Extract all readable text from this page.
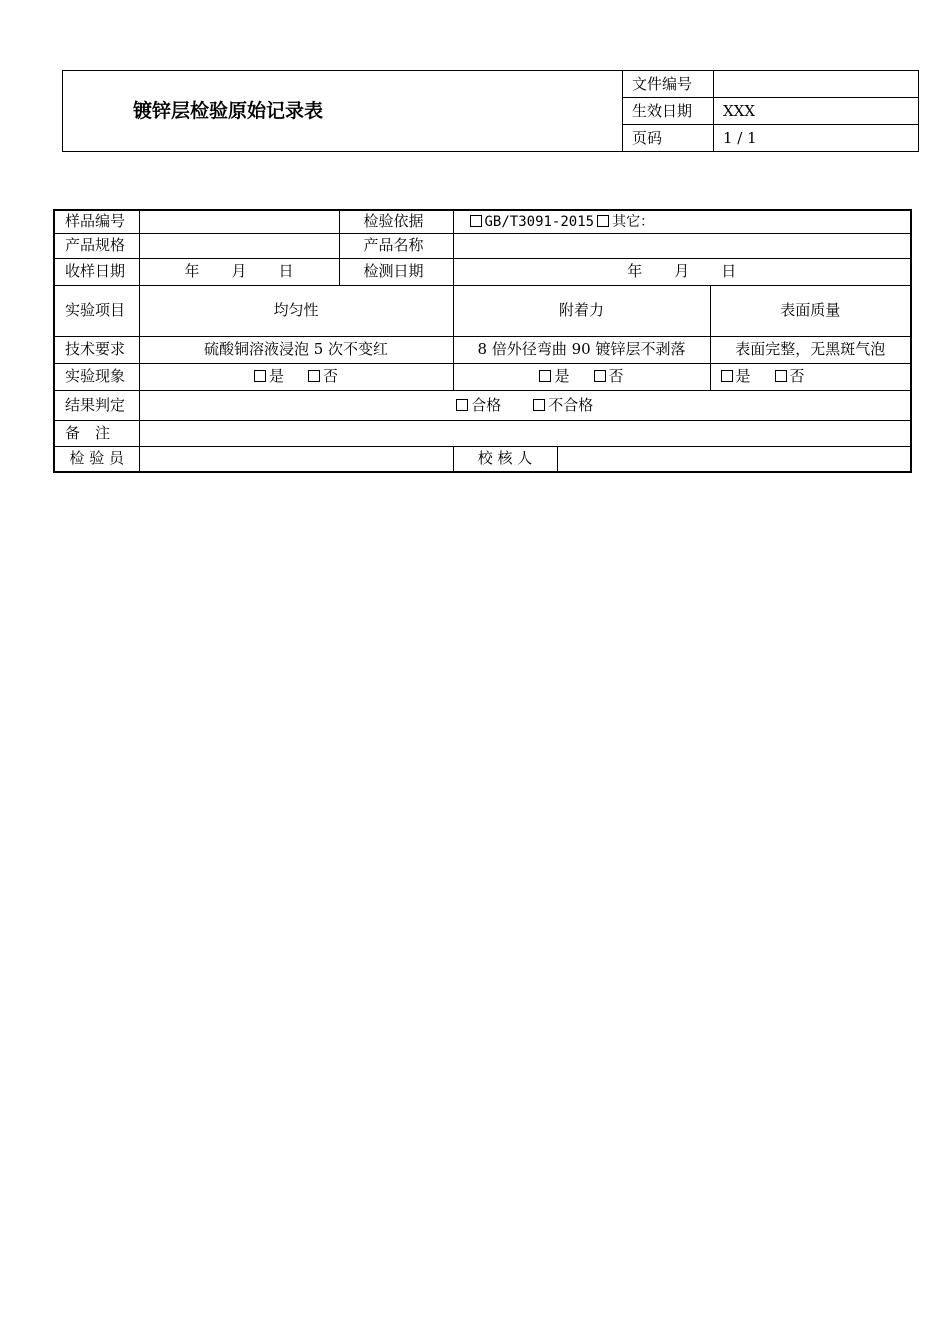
镀锌层检验原始记录表	文件编号	
	生效日期	XXX
	页码	1 / 1
样品编号		检验依据	GB/T3091-2015 其它：		
产品规格		产品名称			
收样日期	年 月 日	检测日期	年 月 日		
实验项目	均匀性		附着力		表面质量
技术要求	硫酸铜溶液浸泡 5 次不变红		8 倍外径弯曲 90 镀锌层不剥落		表面完整，无黑斑气泡
实验现象	是 否		是 否		是 否
结果判定	合格 不合格				
备　注					
检 验 员			校 核 人		
